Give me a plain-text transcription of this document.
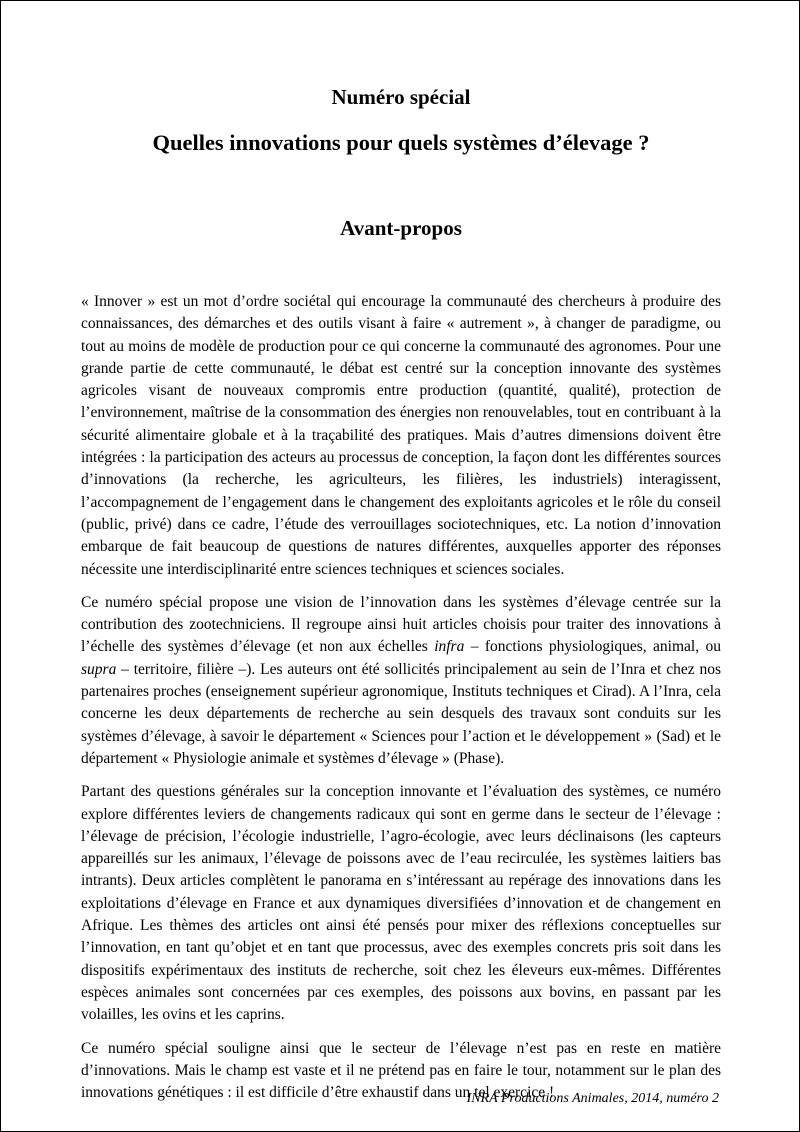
Numéro spécial
Quelles innovations pour quels systèmes d’élevage ?
Avant-propos

« Innover » est un mot d’ordre sociétal qui encourage la communauté des chercheurs à produire des connaissances, des démarches et des outils visant à faire « autrement », à changer de paradigme, ou tout au moins de modèle de production pour ce qui concerne la communauté des agronomes. Pour une grande partie de cette communauté, le débat est centré sur la conception innovante des systèmes agricoles visant de nouveaux compromis entre production (quantité, qualité), protection de l’environnement, maîtrise de la consommation des énergies non renouvelables, tout en contribuant à la sécurité alimentaire globale et à la traçabilité des pratiques. Mais d’autres dimensions doivent être intégrées : la participation des acteurs au processus de conception, la façon dont les différentes sources d’innovations (la recherche, les agriculteurs, les filières, les industriels) interagissent, l’accompagnement de l’engagement dans le changement des exploitants agricoles et le rôle du conseil (public, privé) dans ce cadre, l’étude des verrouillages sociotechniques, etc. La notion d’innovation embarque de fait beaucoup de questions de natures différentes, auxquelles apporter des réponses nécessite une interdisciplinarité entre sciences techniques et sciences sociales.

Ce numéro spécial propose une vision de l’innovation dans les systèmes d’élevage centrée sur la contribution des zootechniciens. Il regroupe ainsi huit articles choisis pour traiter des innovations à l’échelle des systèmes d’élevage (et non aux échelles infra – fonctions physiologiques, animal, ou supra – territoire, filière –). Les auteurs ont été sollicités principalement au sein de l’Inra et chez nos partenaires proches (enseignement supérieur agronomique, Instituts techniques et Cirad). A l’Inra, cela concerne les deux départements de recherche au sein desquels des travaux sont conduits sur les systèmes d’élevage, à savoir le département « Sciences pour l’action et le développement » (Sad) et le département « Physiologie animale et systèmes d’élevage » (Phase).

Partant des questions générales sur la conception innovante et l’évaluation des systèmes, ce numéro explore différentes leviers de changements radicaux qui sont en germe dans le secteur de l’élevage : l’élevage de précision, l’écologie industrielle, l’agro-écologie, avec leurs déclinaisons (les capteurs appareillés sur les animaux, l’élevage de poissons avec de l’eau recirculée, les systèmes laitiers bas intrants). Deux articles complètent le panorama en s’intéressant au repérage des innovations dans les exploitations d’élevage en France et aux dynamiques diversifiées d’innovation et de changement en Afrique. Les thèmes des articles ont ainsi été pensés pour mixer des réflexions conceptuelles sur l’innovation, en tant qu’objet et en tant que processus, avec des exemples concrets pris soit dans les dispositifs expérimentaux des instituts de recherche, soit chez les éleveurs eux-mêmes. Différentes espèces animales sont concernées par ces exemples, des poissons aux bovins, en passant par les volailles, les ovins et les caprins.

Ce numéro spécial souligne ainsi que le secteur de l’élevage n’est pas en reste en matière d’innovations. Mais le champ est vaste et il ne prétend pas en faire le tour, notamment sur le plan des innovations génétiques : il est difficile d’être exhaustif dans un tel exercice !

INRA Productions Animales, 2014, numéro 2
